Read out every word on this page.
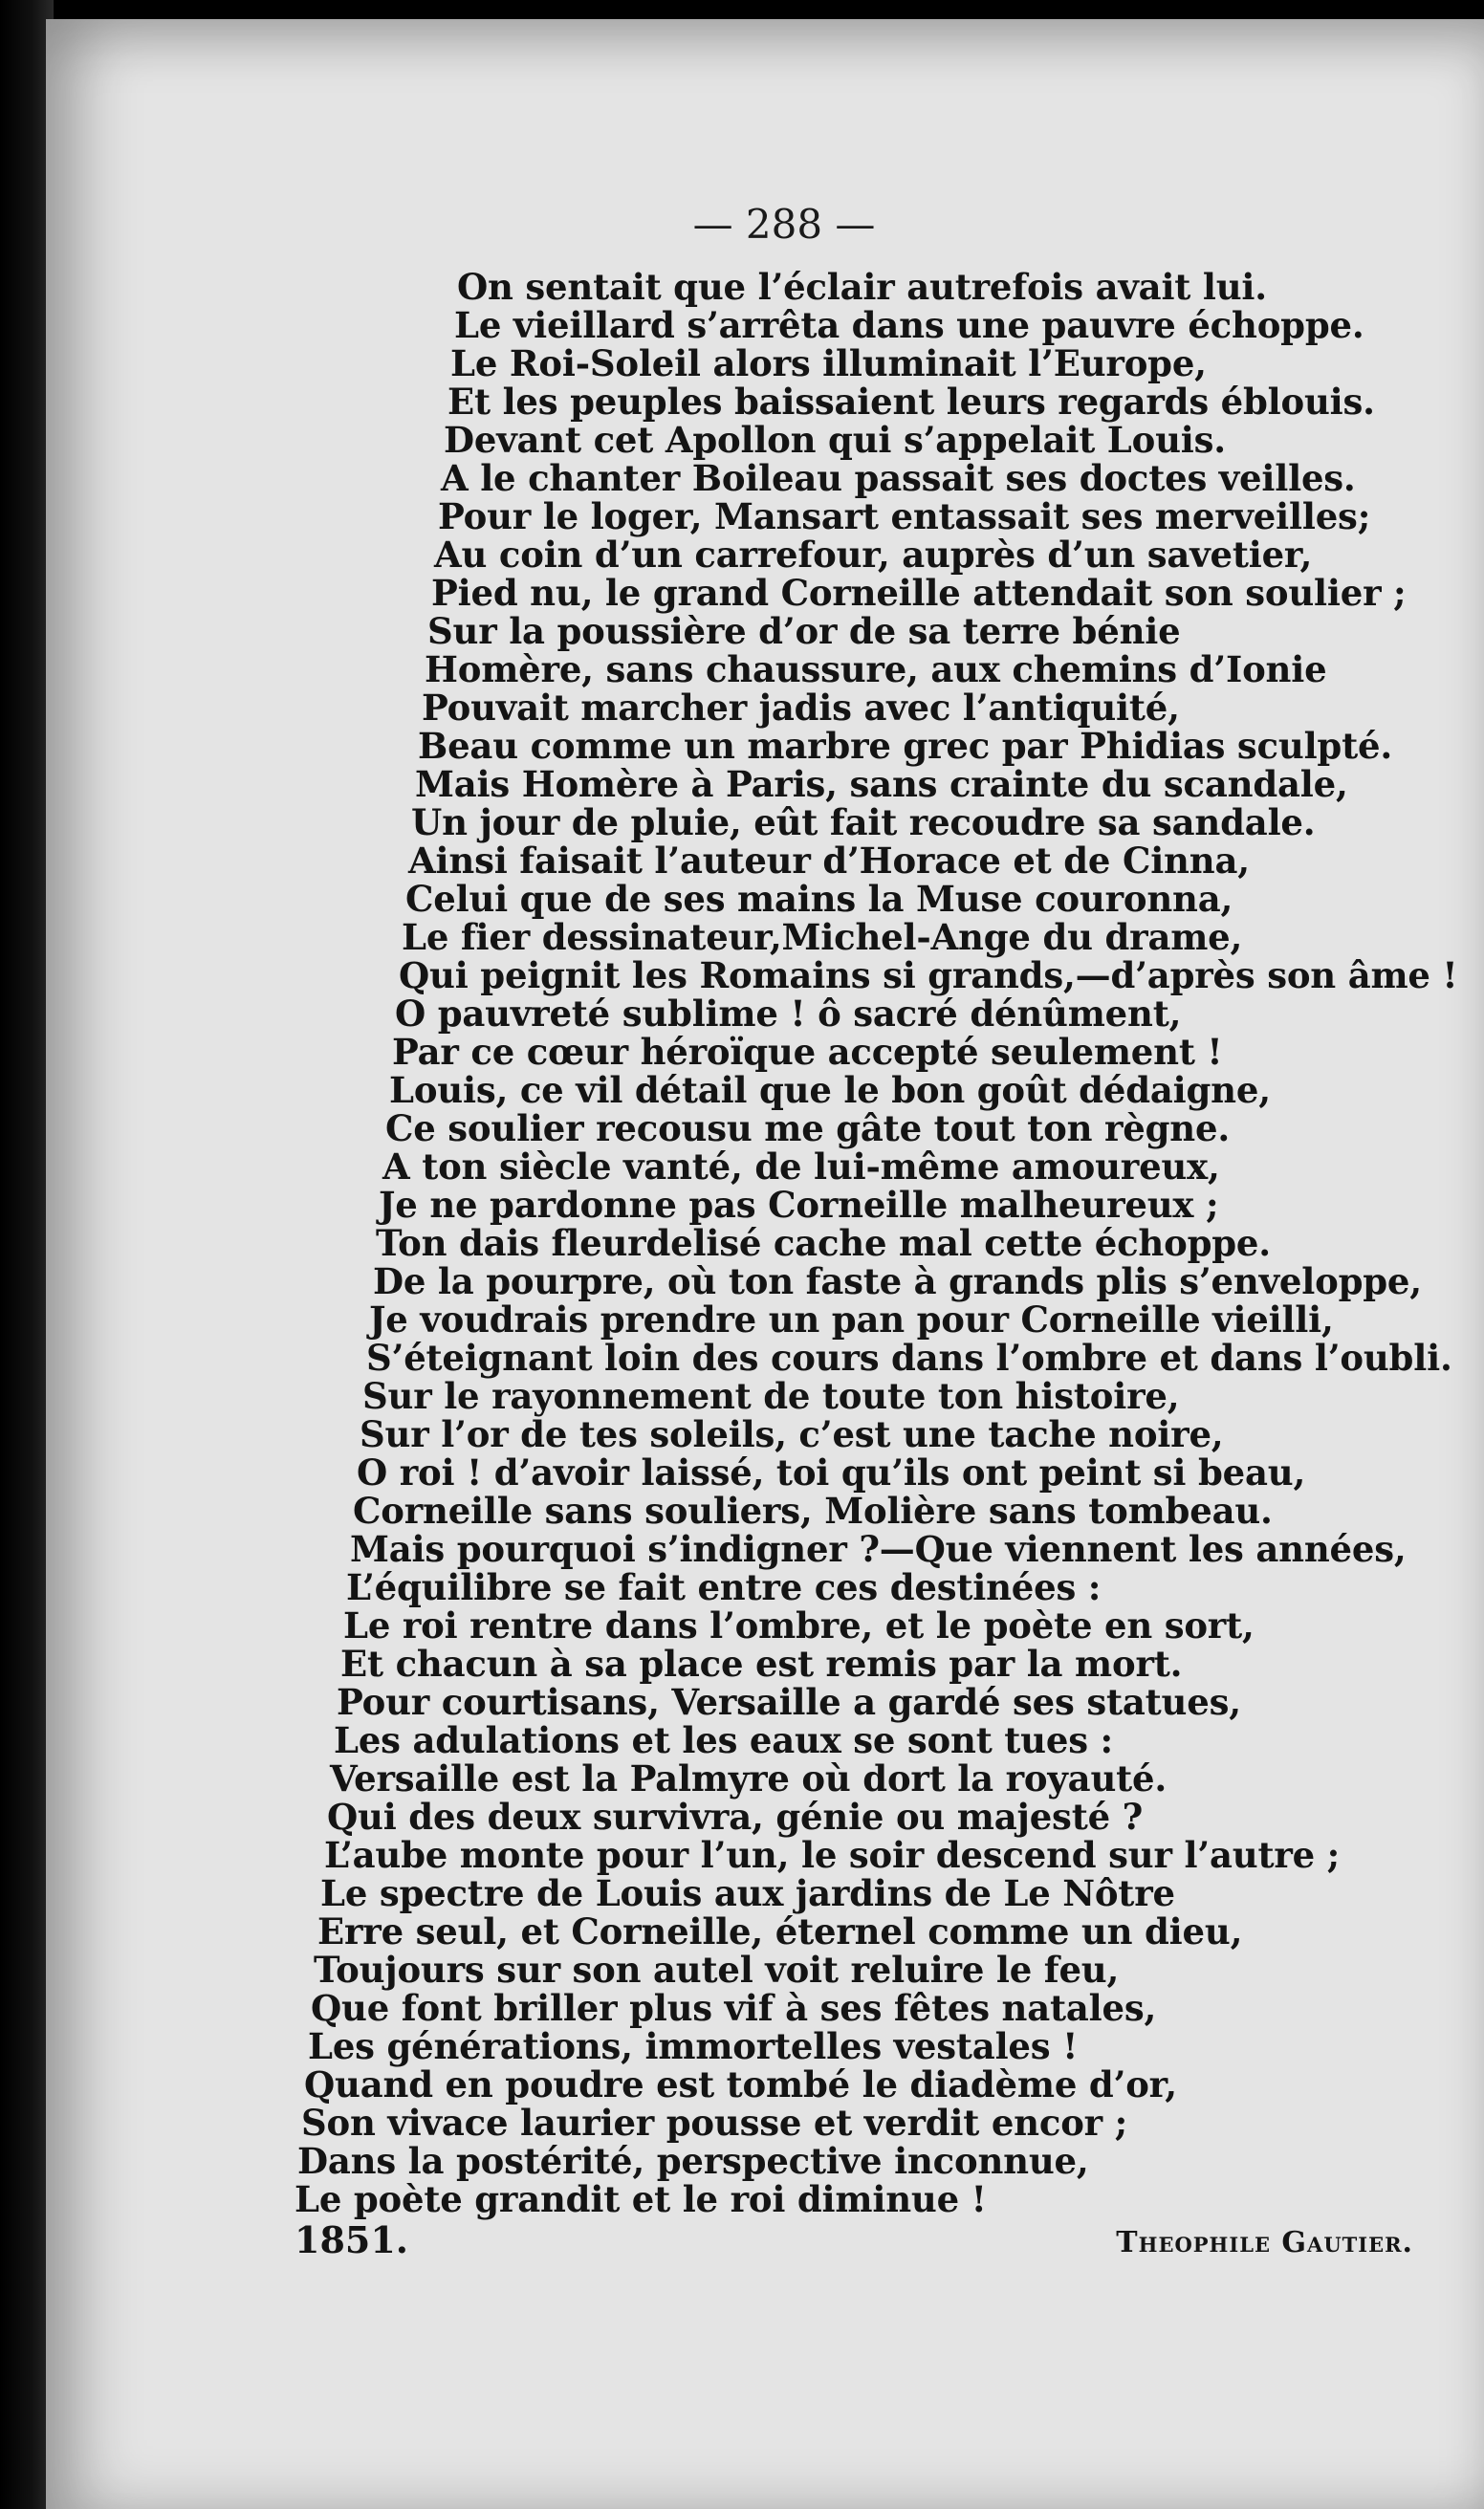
— 288 —

On sentait que l’éclair autrefois avait lui.
Le vieillard s’arrêta dans une pauvre échoppe.
Le Roi-Soleil alors illuminait l’Europe,
Et les peuples baissaient leurs regards éblouis.
Devant cet Apollon qui s’appelait Louis.
A le chanter Boileau passait ses doctes veilles.
Pour le loger, Mansart entassait ses merveilles;
Au coin d’un carrefour, auprès d’un savetier,
Pied nu, le grand Corneille attendait son soulier ;
Sur la poussière d’or de sa terre bénie
Homère, sans chaussure, aux chemins d’Ionie
Pouvait marcher jadis avec l’antiquité,
Beau comme un marbre grec par Phidias sculpté.
Mais Homère à Paris, sans crainte du scandale,
Un jour de pluie, eût fait recoudre sa sandale.
Ainsi faisait l’auteur d’Horace et de Cinna,
Celui que de ses mains la Muse couronna,
Le fier dessinateur,Michel-Ange du drame,
Qui peignit les Romains si grands,—d’après son âme !
O pauvreté sublime ! ô sacré dénûment,
Par ce cœur héroïque accepté seulement !
Louis, ce vil détail que le bon goût dédaigne,
Ce soulier recousu me gâte tout ton règne.
A ton siècle vanté, de lui-même amoureux,
Je ne pardonne pas Corneille malheureux ;
Ton dais fleurdelisé cache mal cette échoppe.
De la pourpre, où ton faste à grands plis s’enveloppe,
Je voudrais prendre un pan pour Corneille vieilli,
S’éteignant loin des cours dans l’ombre et dans l’oubli.
Sur le rayonnement de toute ton histoire,
Sur l’or de tes soleils, c’est une tache noire,
O roi ! d’avoir laissé, toi qu’ils ont peint si beau,
Corneille sans souliers, Molière sans tombeau.
Mais pourquoi s’indigner ?—Que viennent les années,
L’équilibre se fait entre ces destinées :
Le roi rentre dans l’ombre, et le poète en sort,
Et chacun à sa place est remis par la mort.
Pour courtisans, Versaille a gardé ses statues,
Les adulations et les eaux se sont tues :
Versaille est la Palmyre où dort la royauté.
Qui des deux survivra, génie ou majesté ?
L’aube monte pour l’un, le soir descend sur l’autre ;
Le spectre de Louis aux jardins de Le Nôtre
Erre seul, et Corneille, éternel comme un dieu,
Toujours sur son autel voit reluire le feu,
Que font briller plus vif à ses fêtes natales,
Les générations, immortelles vestales !
Quand en poudre est tombé le diadème d’or,
Son vivace laurier pousse et verdit encor ;
Dans la postérité, perspective inconnue,
Le poète grandit et le roi diminue !
1851.	Theophile Gautier.
